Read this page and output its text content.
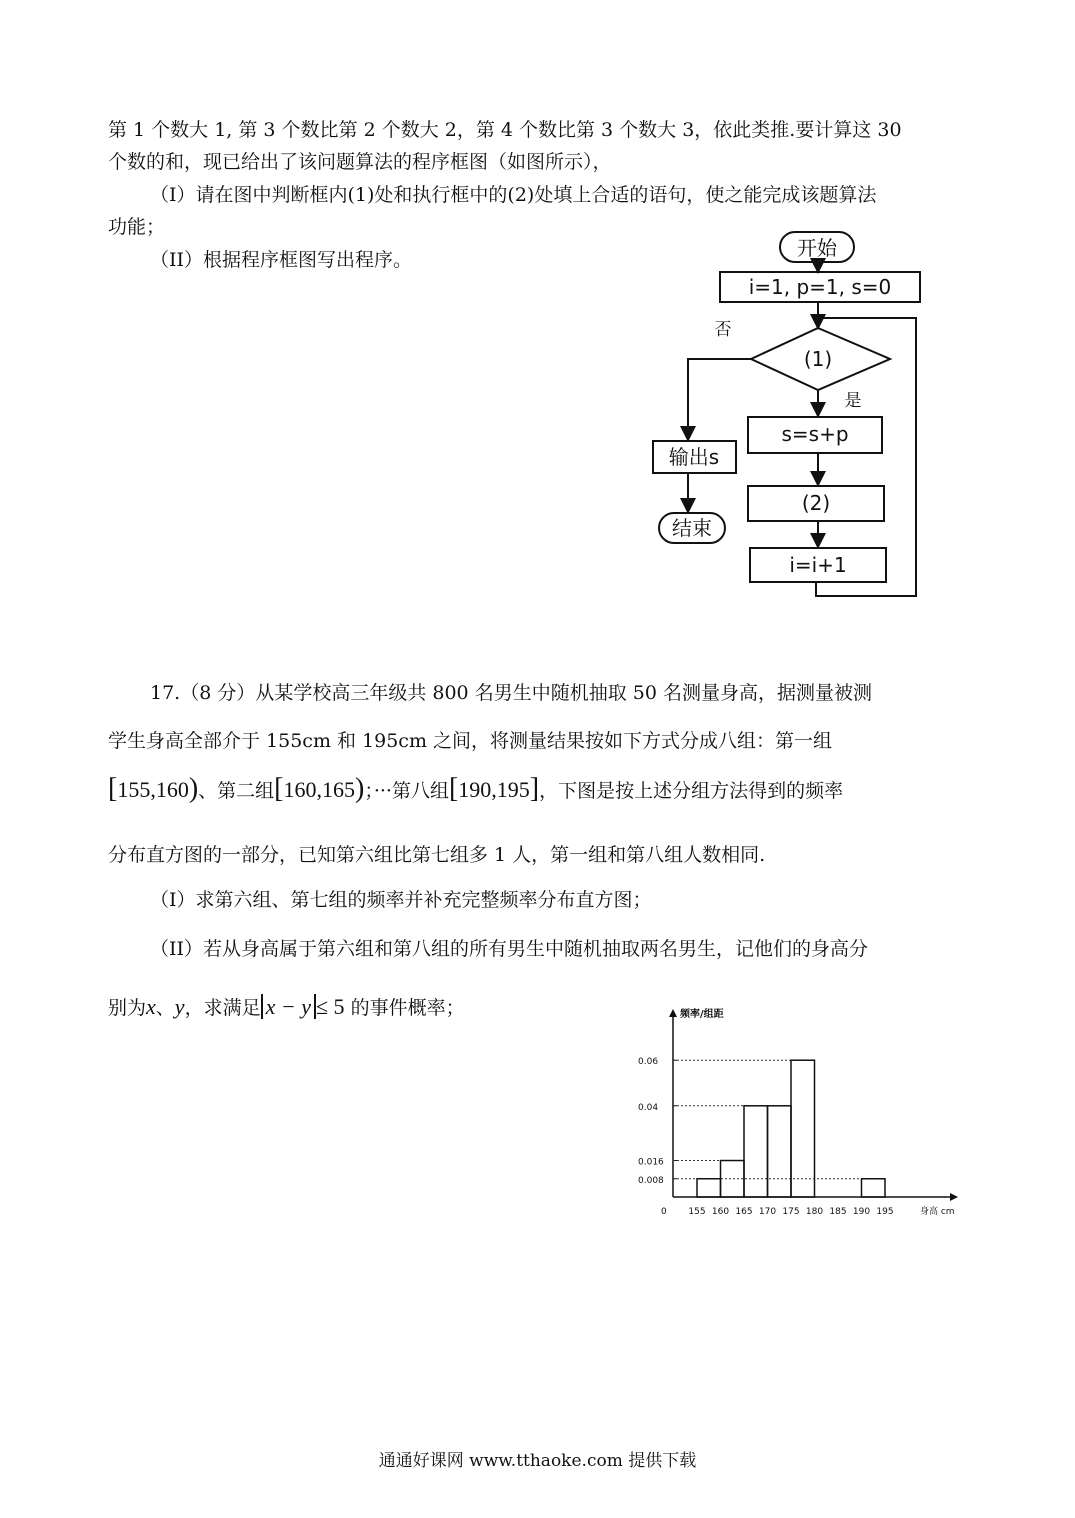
第 1 个数大 1, 第 3 个数比第 2 个数大 2，第 4 个数比第 3 个数大 3，依此类推.要计算这 30
个数的和，现已给出了该问题算法的程序框图（如图所示），
（I）请在图中判断框内(1)处和执行框中的(2)处填上合适的语句，使之能完成该题算法
功能；
（II）根据程序框图写出程序。	开始
i=1, p=1, s=0
(1)
否
是
s=s+p
(2)
i=i+1
输出s
结束
17.（8 分）从某学校高三年级共 800 名男生中随机抽取 50 名测量身高，据测量被测
学生身高全部介于 155cm 和 195cm 之间，将测量结果按如下方式分成八组：第一组
[155,160)、第二组[160,165)；···第八组[190,195]，下图是按上述分组方法得到的频率
分布直方图的一部分，已知第六组比第七组多 1 人，第一组和第八组人数相同.
（I）求第六组、第七组的频率并补充完整频率分布直方图；
（II）若从身高属于第六组和第八组的所有男生中随机抽取两名男生，记他们的身高分
别为x、y，求满足 x − y ≤ 5 的事件概率；
0.008
0.016
0.04
0.06
155 160 165 170 175 180 185 190 195
0
频率/组距
身高 cm
通通好课网 www.tthaoke.com 提供下载
